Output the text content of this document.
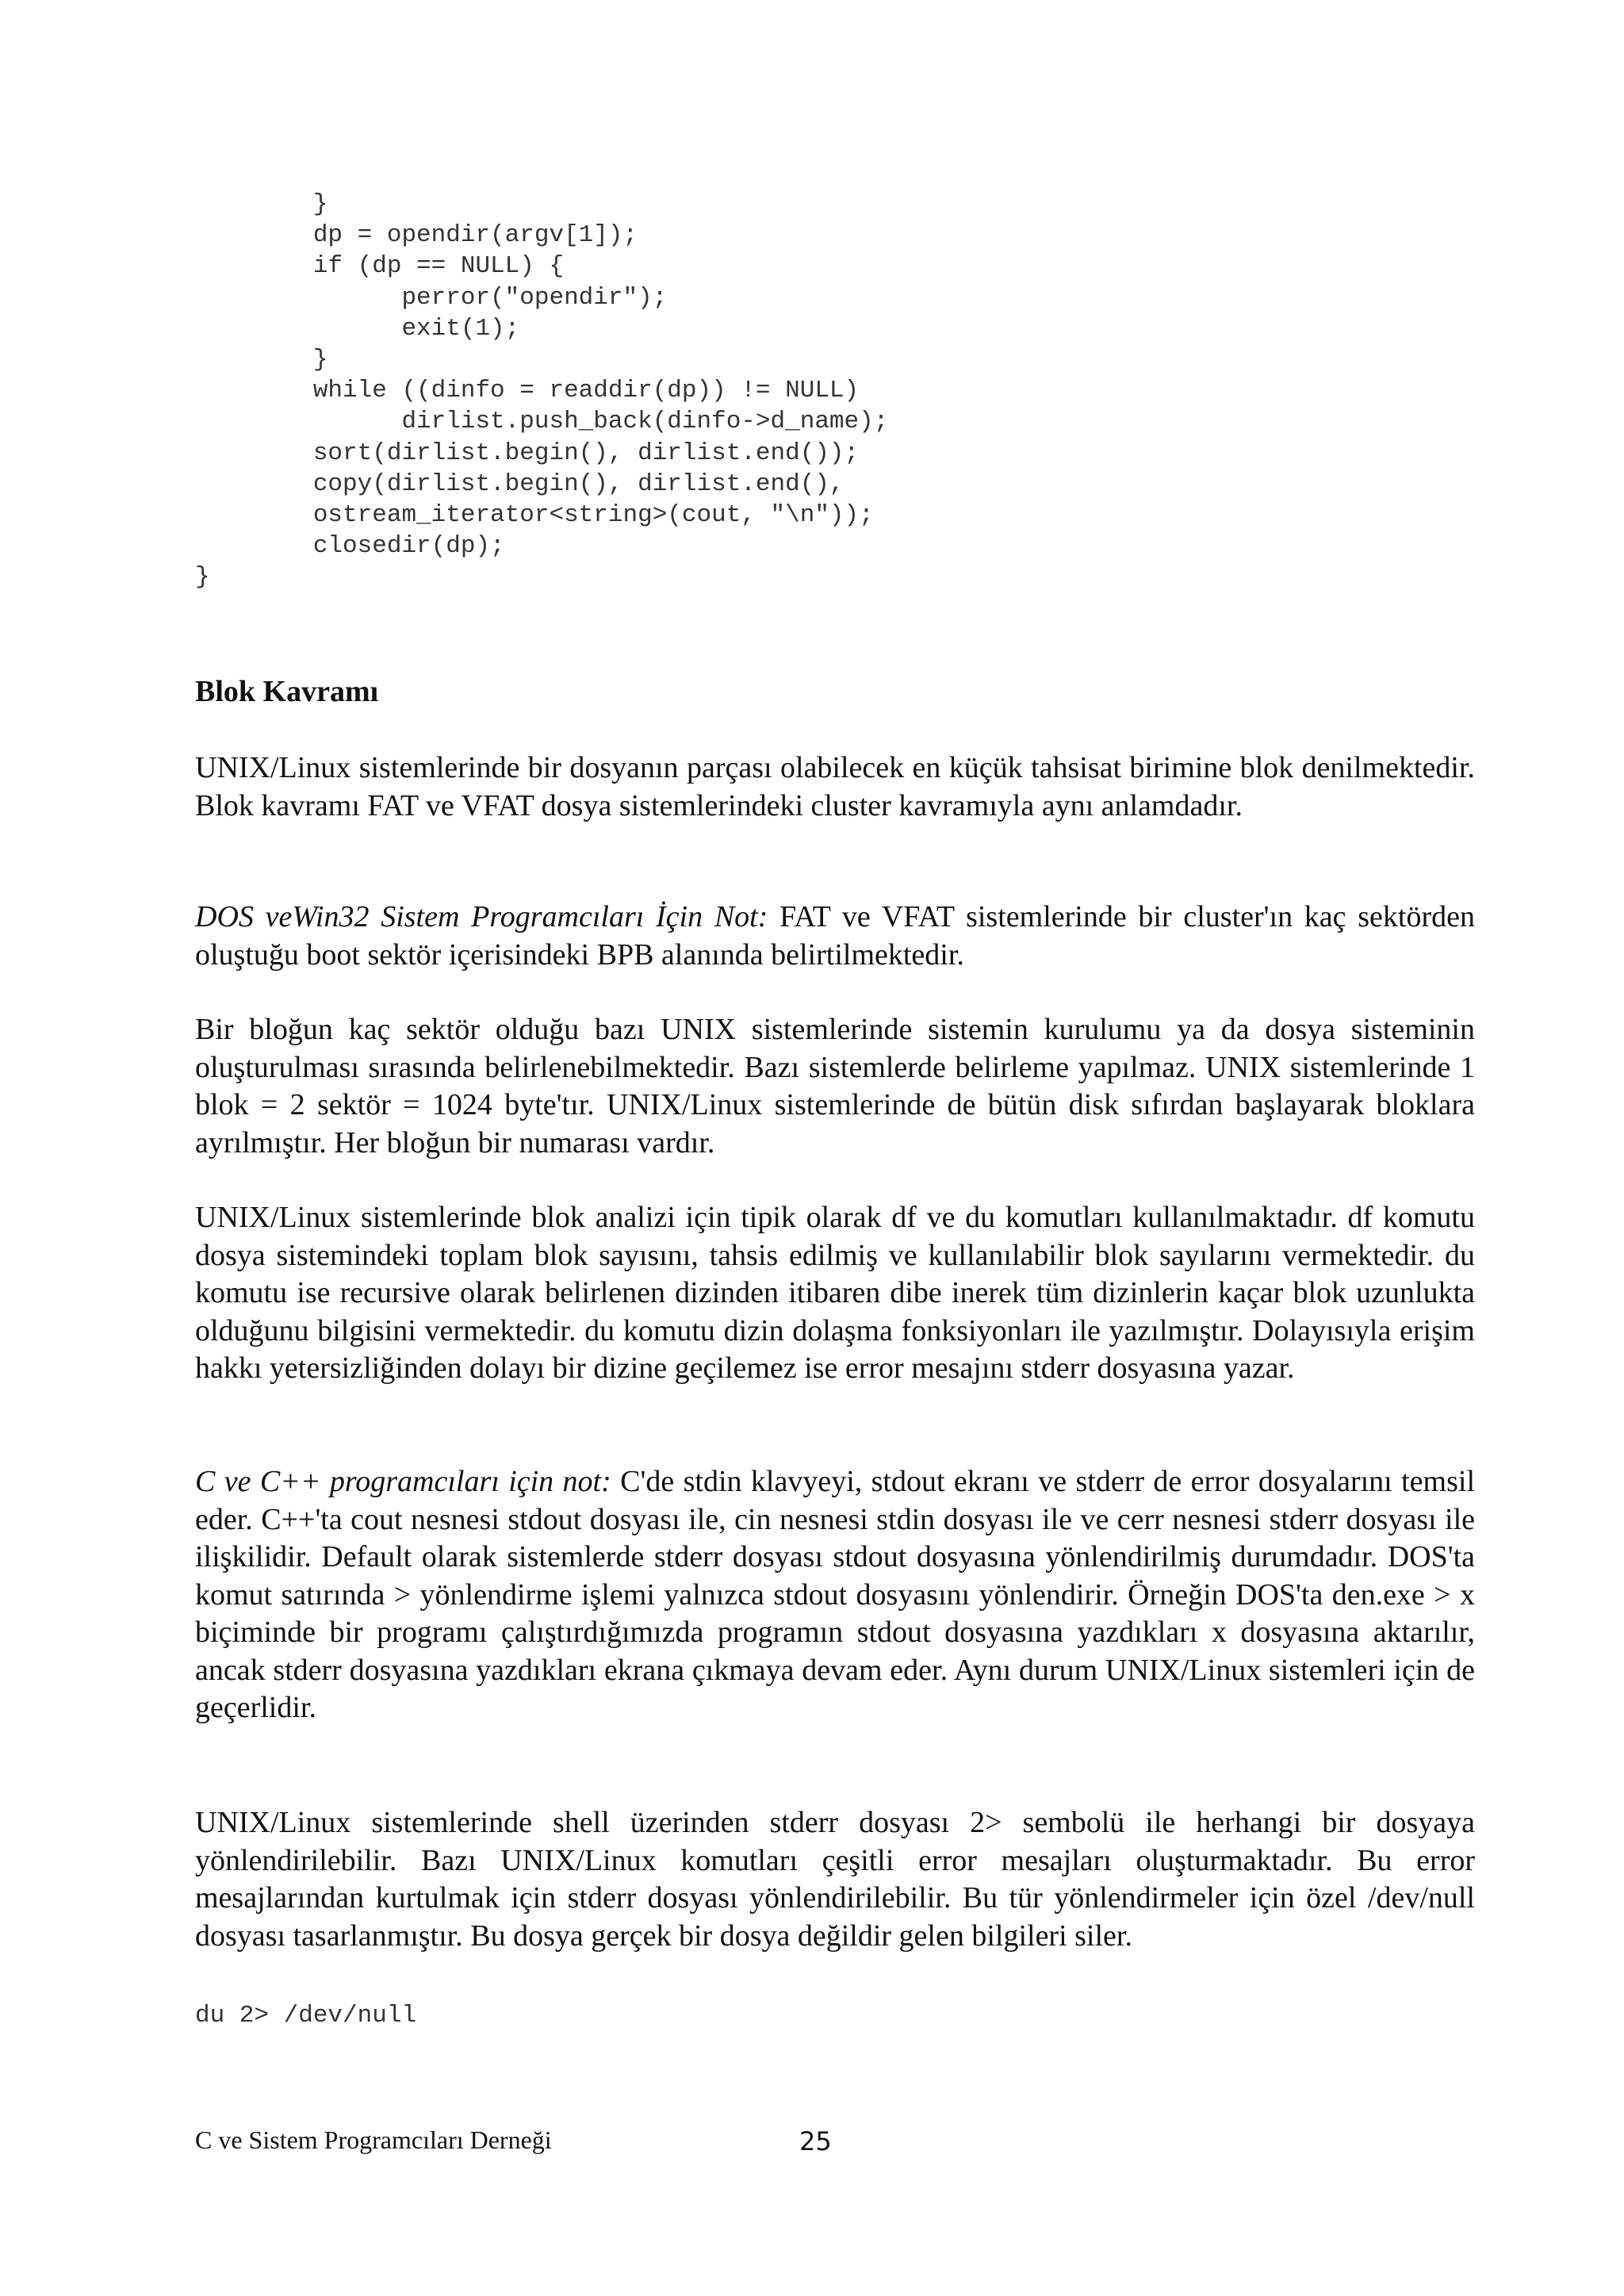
}
dp = opendir(argv[1]);
if (dp == NULL) {
perror("opendir");
exit(1);
}
while ((dinfo = readdir(dp)) != NULL)
dirlist.push_back(dinfo->d_name);
sort(dirlist.begin(), dirlist.end());
copy(dirlist.begin(), dirlist.end(),
ostream_iterator<string>(cout, "\n"));
closedir(dp);
}
Blok Kavramı

UNIX/Linux sistemlerinde bir dosyanın parçası olabilecek en küçük tahsisat birimine blok denilmektedir. Blok kavramı FAT ve VFAT dosya sistemlerindeki cluster kavramıyla aynı anlamdadır.

DOS veWin32 Sistem Programcıları İçin Not: FAT ve VFAT sistemlerinde bir cluster'ın kaç sektörden oluştuğu boot sektör içerisindeki BPB alanında belirtilmektedir.

Bir bloğun kaç sektör olduğu bazı UNIX sistemlerinde sistemin kurulumu ya da dosya sisteminin oluşturulması sırasında belirlenebilmektedir. Bazı sistemlerde belirleme yapılmaz. UNIX sistemlerinde 1 blok = 2 sektör = 1024 byte'tır. UNIX/Linux sistemlerinde de bütün disk sıfırdan başlayarak bloklara ayrılmıştır. Her bloğun bir numarası vardır.

UNIX/Linux sistemlerinde blok analizi için tipik olarak df ve du komutları kullanılmaktadır. df komutu dosya sistemindeki toplam blok sayısını, tahsis edilmiş ve kullanılabilir blok sayılarını vermektedir. du komutu ise recursive olarak belirlenen dizinden itibaren dibe inerek tüm dizinlerin kaçar blok uzunlukta olduğunu bilgisini vermektedir. du komutu dizin dolaşma fonksiyonları ile yazılmıştır. Dolayısıyla erişim hakkı yetersizliğinden dolayı bir dizine geçilemez ise error mesajını stderr dosyasına yazar.

C ve C++ programcıları için not: C'de stdin klavyeyi, stdout ekranı ve stderr de error dosyalarını temsil eder. C++'ta cout nesnesi stdout dosyası ile, cin nesnesi stdin dosyası ile ve cerr nesnesi stderr dosyası ile ilişkilidir. Default olarak sistemlerde stderr dosyası stdout dosyasına yönlendirilmiş durumdadır. DOS'ta komut satırında > yönlendirme işlemi yalnızca stdout dosyasını yönlendirir. Örneğin DOS'ta den.exe > x biçiminde bir programı çalıştırdığımızda programın stdout dosyasına yazdıkları x dosyasına aktarılır, ancak stderr dosyasına yazdıkları ekrana çıkmaya devam eder. Aynı durum UNIX/Linux sistemleri için de geçerlidir.

UNIX/Linux sistemlerinde shell üzerinden stderr dosyası 2> sembolü ile herhangi bir dosyaya yönlendirilebilir. Bazı UNIX/Linux komutları çeşitli error mesajları oluşturmaktadır. Bu error mesajlarından kurtulmak için stderr dosyası yönlendirilebilir. Bu tür yönlendirmeler için özel /dev/null dosyası tasarlanmıştır. Bu dosya gerçek bir dosya değildir gelen bilgileri siler.

du 2> /dev/null
C ve Sistem Programcıları Derneği	25
